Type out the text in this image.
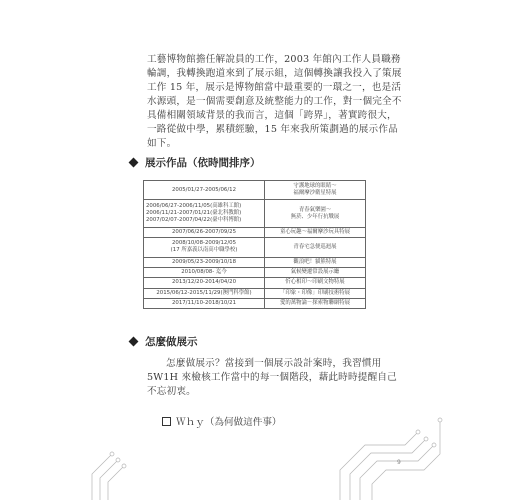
工藝博物館擔任解說員的工作，2003 年館內工作人員職務輪調，我轉換跑道來到了展示組，這個轉換讓我投入了策展工作 15 年，展示是博物館當中最重要的一環之一，也是活水源頭，是一個需要創意及統整能力的工作，對一個完全不具備相關領域背景的我而言，這個「跨界」，著實跨很大，一路從做中學，累積經驗，15 年來我所策劃過的展示作品如下。

展示作品（依時間排序）
2005/01/27-2005/06/12	守護地球的眼睛～
福爾摩沙衛星特展
2006/06/27-2006/11/05(高雄科工館)
2006/11/21-2007/01/21(臺北科教館)
2007/02/07-2007/04/22(臺中科博館)	青春氣樂園～
無菸、少年行抗戰展
2007/06/26-2007/09/25	童心玩趣～福爾摩沙玩具特展
2008/10/08-2009/12/05
(17 所嘉義以南高中職學校)	青春宅急便巡迴展
2009/05/23-2009/10/18	觀浪吧！貓熊特展
2010/08/08- 迄今	氣候變遷常設展示廳
2013/12/20-2014/04/20	忻心相印～印刷文物特展
2015/06/12-2015/11/29(澳門科學館)	「印象・印像」印刷技術特展
2017/11/10-2018/10/21	愛的萬物論－探索物聯網特展
怎麼做展示

怎麼做展示？當接到一個展示設計案時，我習慣用 5W1H 來檢核工作當中的每一個階段，藉此時時提醒自己不忘初衷。

Ｗｈｙ（為何做這件事）
9
